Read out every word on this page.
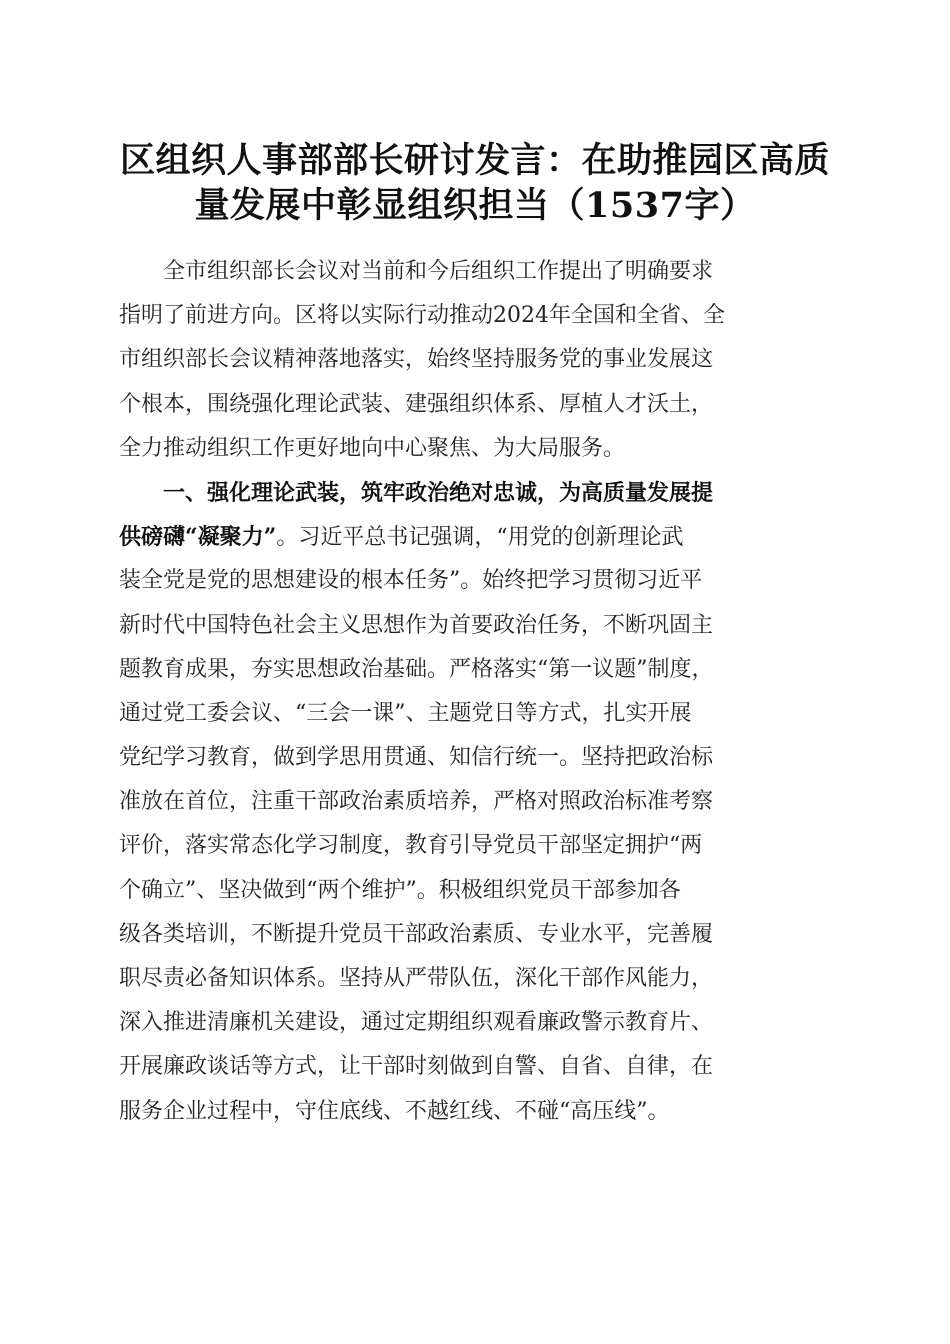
区组织人事部部长研讨发言：在助推园区高质
量发展中彰显组织担当（1537字）

　　全市组织部长会议对当前和今后组织工作提出了明确要求
指明了前进方向。区将以实际行动推动2024年全国和全省、全
市组织部长会议精神落地落实，始终坚持服务党的事业发展这
个根本，围绕强化理论武装、建强组织体系、厚植人才沃土，
全力推动组织工作更好地向中心聚焦、为大局服务。

　　一、强化理论武装，筑牢政治绝对忠诚，为高质量发展提
供磅礴“凝聚力”。习近平总书记强调，“用党的创新理论武
装全党是党的思想建设的根本任务”。始终把学习贯彻习近平
新时代中国特色社会主义思想作为首要政治任务，不断巩固主
题教育成果，夯实思想政治基础。严格落实“第一议题”制度，
通过党工委会议、“三会一课”、主题党日等方式，扎实开展
党纪学习教育，做到学思用贯通、知信行统一。坚持把政治标
准放在首位，注重干部政治素质培养，严格对照政治标准考察
评价，落实常态化学习制度，教育引导党员干部坚定拥护“两
个确立”、坚决做到“两个维护”。积极组织党员干部参加各
级各类培训，不断提升党员干部政治素质、专业水平，完善履
职尽责必备知识体系。坚持从严带队伍，深化干部作风能力，
深入推进清廉机关建设，通过定期组织观看廉政警示教育片、
开展廉政谈话等方式，让干部时刻做到自警、自省、自律，在
服务企业过程中，守住底线、不越红线、不碰“高压线”。
